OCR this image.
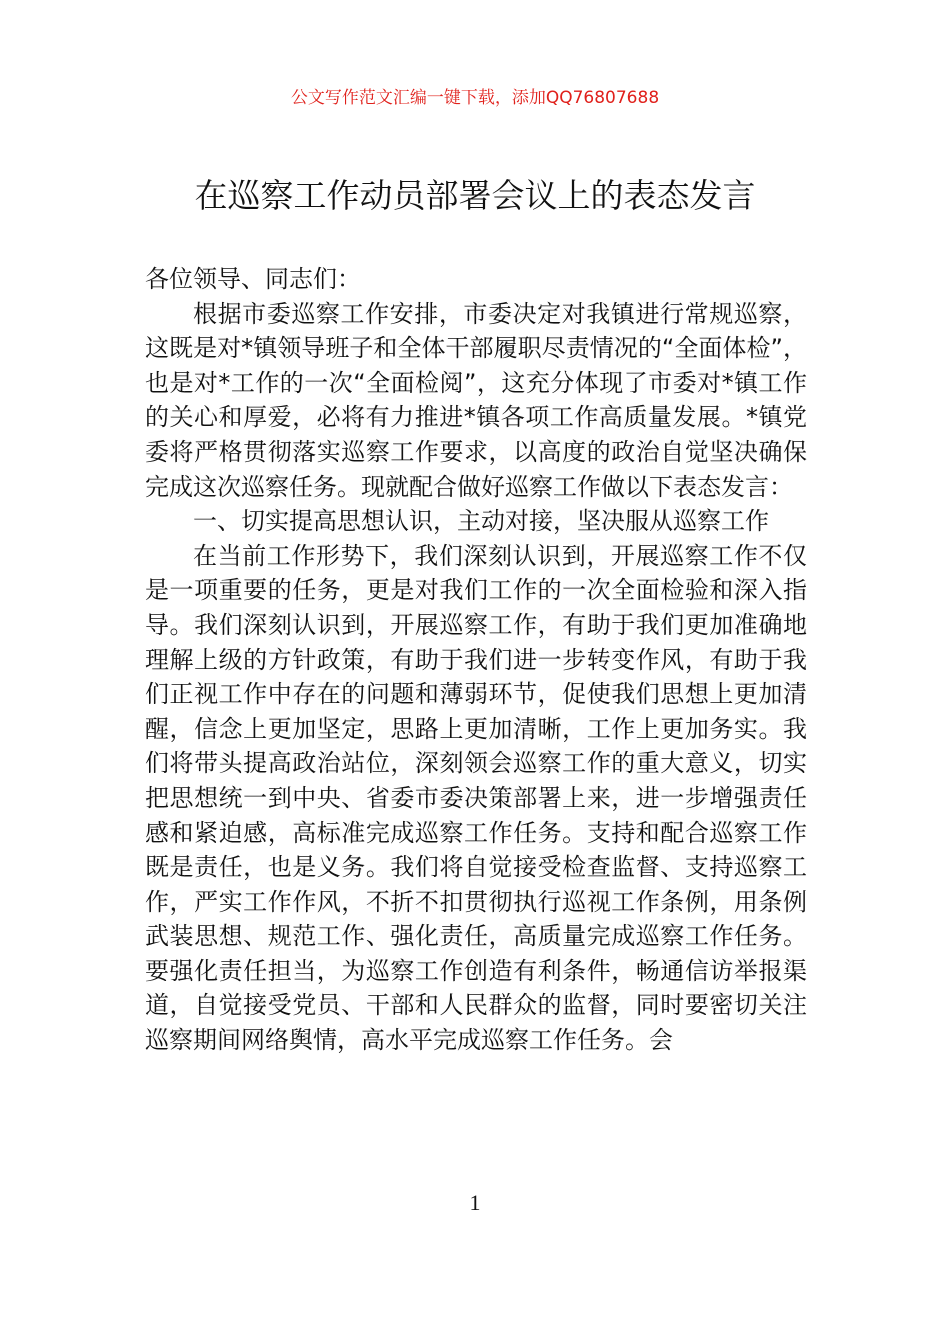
公文写作范文汇编一键下载，添加QQ76807688
在巡察工作动员部署会议上的表态发言

各位领导、同志们：

根据市委巡察工作安排，市委决定对我镇进行常规巡察，这既是对*镇领导班子和全体干部履职尽责情况的“全面体检”，也是对*工作的一次“全面检阅”，这充分体现了市委对*镇工作的关心和厚爱，必将有力推进*镇各项工作高质量发展。*镇党委将严格贯彻落实巡察工作要求，以高度的政治自觉坚决确保完成这次巡察任务。现就配合做好巡察工作做以下表态发言：

一、切实提高思想认识，主动对接，坚决服从巡察工作

在当前工作形势下，我们深刻认识到，开展巡察工作不仅是一项重要的任务，更是对我们工作的一次全面检验和深入指导。我们深刻认识到，开展巡察工作，有助于我们更加准确地理解上级的方针政策，有助于我们进一步转变作风，有助于我们正视工作中存在的问题和薄弱环节，促使我们思想上更加清醒，信念上更加坚定，思路上更加清晰，工作上更加务实。我们将带头提高政治站位，深刻领会巡察工作的重大意义，切实把思想统一到中央、省委市委决策部署上来，进一步增强责任感和紧迫感，高标准完成巡察工作任务。支持和配合巡察工作既是责任，也是义务。我们将自觉接受检查监督、支持巡察工作，严实工作作风，不折不扣贯彻执行巡视工作条例，用条例武装思想、规范工作、强化责任，高质量完成巡察工作任务。要强化责任担当，为巡察工作创造有利条件，畅通信访举报渠道，自觉接受党员、干部和人民群众的监督，同时要密切关注巡察期间网络舆情，高水平完成巡察工作任务。会

1
